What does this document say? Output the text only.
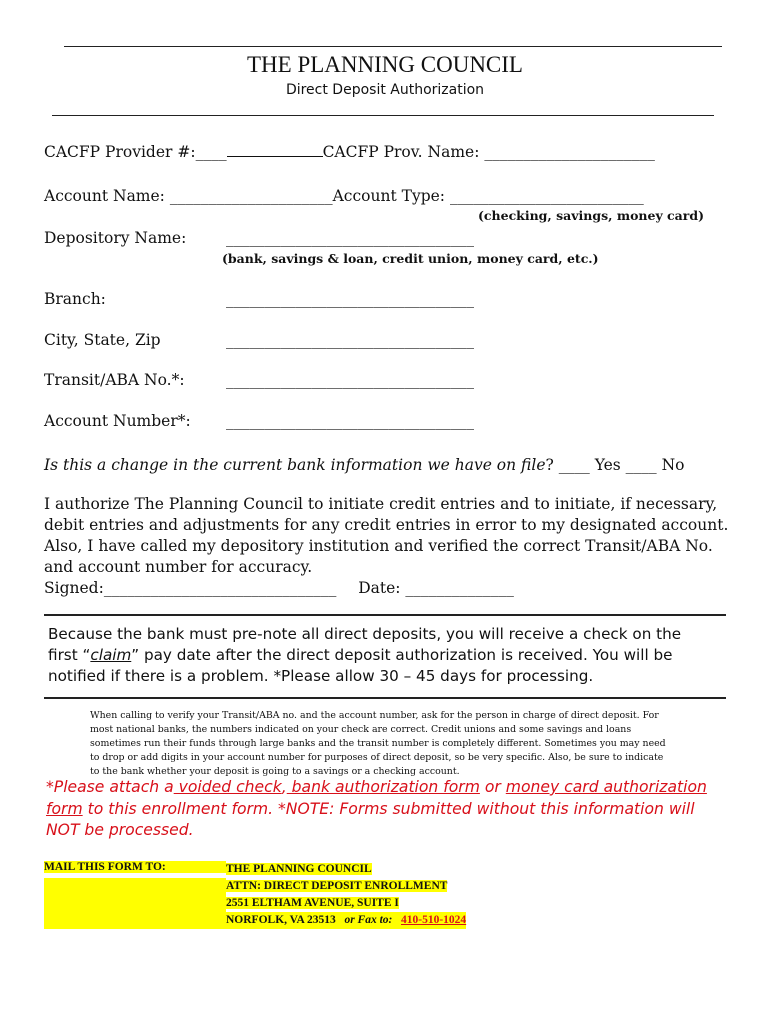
THE PLANNING COUNCIL
Direct Deposit Authorization
CACFP Provider #:____	CACFP Prov. Name: ______________________
Account Name: _____________________Account Type: _________________________
(checking, savings, money card)
Depository Name:	________________________________
(bank, savings & loan, credit union, money card, etc.)
Branch:	________________________________
City, State, Zip	________________________________
Transit/ABA No.*:	________________________________
Account Number*: ________________________________
Is this a change in the current bank information we have on file? ____ Yes ____ No
I authorize The Planning Council to initiate credit entries and to initiate, if necessary,
debit entries and adjustments for any credit entries in error to my designated account.
Also, I have called my depository institution and verified the correct Transit/ABA No.
and account number for accuracy.
Signed:______________________________ Date: ______________
Because the bank must pre-note all direct deposits, you will receive a check on the
first “claim” pay date after the direct deposit authorization is received. You will be
notified if there is a problem. *Please allow 30 – 45 days for processing.
When calling to verify your Transit/ABA no. and the account number, ask for the person in charge of direct deposit. For
most national banks, the numbers indicated on your check are correct. Credit unions and some savings and loans
sometimes run their funds through large banks and the transit number is completely different. Sometimes you may need
to drop or add digits in your account number for purposes of direct deposit, so be very specific. Also, be sure to indicate
to the bank whether your deposit is going to a savings or a checking account.
*Please attach a voided check, bank authorization form or money card authorization
form to this enrollment form. *NOTE: Forms submitted without this information will
NOT be processed.
MAIL THIS FORM TO:	THE PLANNING COUNCIL
ATTN: DIRECT DEPOSIT ENROLLMENT
2551 ELTHAM AVENUE, SUITE I
NORFOLK, VA 23513 or Fax to: 410-510-1024
